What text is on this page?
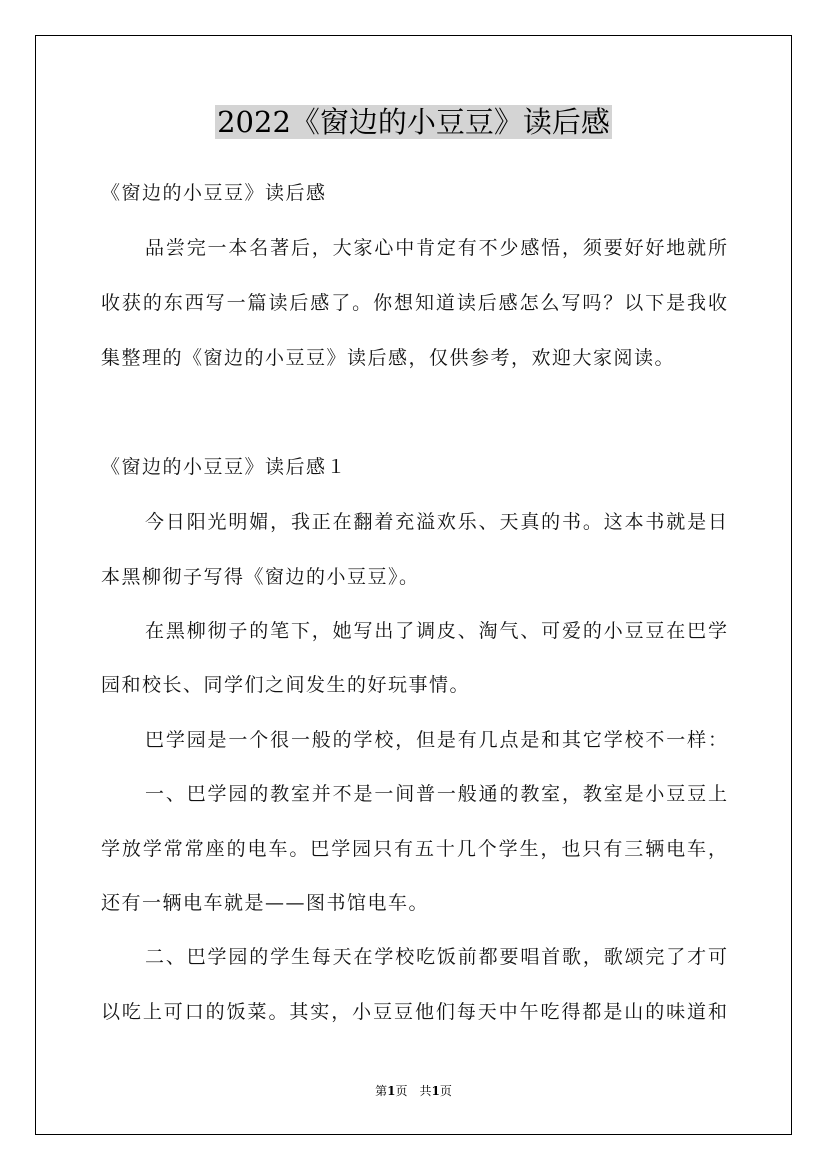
2022《窗边的小豆豆》读后感
《窗边的小豆豆》读后感
品尝完一本名著后，大家心中肯定有不少感悟，须要好好地就所
收获的东西写一篇读后感了。你想知道读后感怎么写吗？以下是我收
集整理的《窗边的小豆豆》读后感，仅供参考，欢迎大家阅读。
《窗边的小豆豆》读后感１
今日阳光明媚，我正在翻着充溢欢乐、天真的书。这本书就是日
本黑柳彻子写得《窗边的小豆豆》。
在黑柳彻子的笔下，她写出了调皮、淘气、可爱的小豆豆在巴学
园和校长、同学们之间发生的好玩事情。
巴学园是一个很一般的学校，但是有几点是和其它学校不一样：
一、巴学园的教室并不是一间普一般通的教室，教室是小豆豆上
学放学常常座的电车。巴学园只有五十几个学生，也只有三辆电车，
还有一辆电车就是——图书馆电车。
二、巴学园的学生每天在学校吃饭前都要唱首歌，歌颂完了才可
以吃上可口的饭菜。其实，小豆豆他们每天中午吃得都是山的味道和
第1页　共1页
